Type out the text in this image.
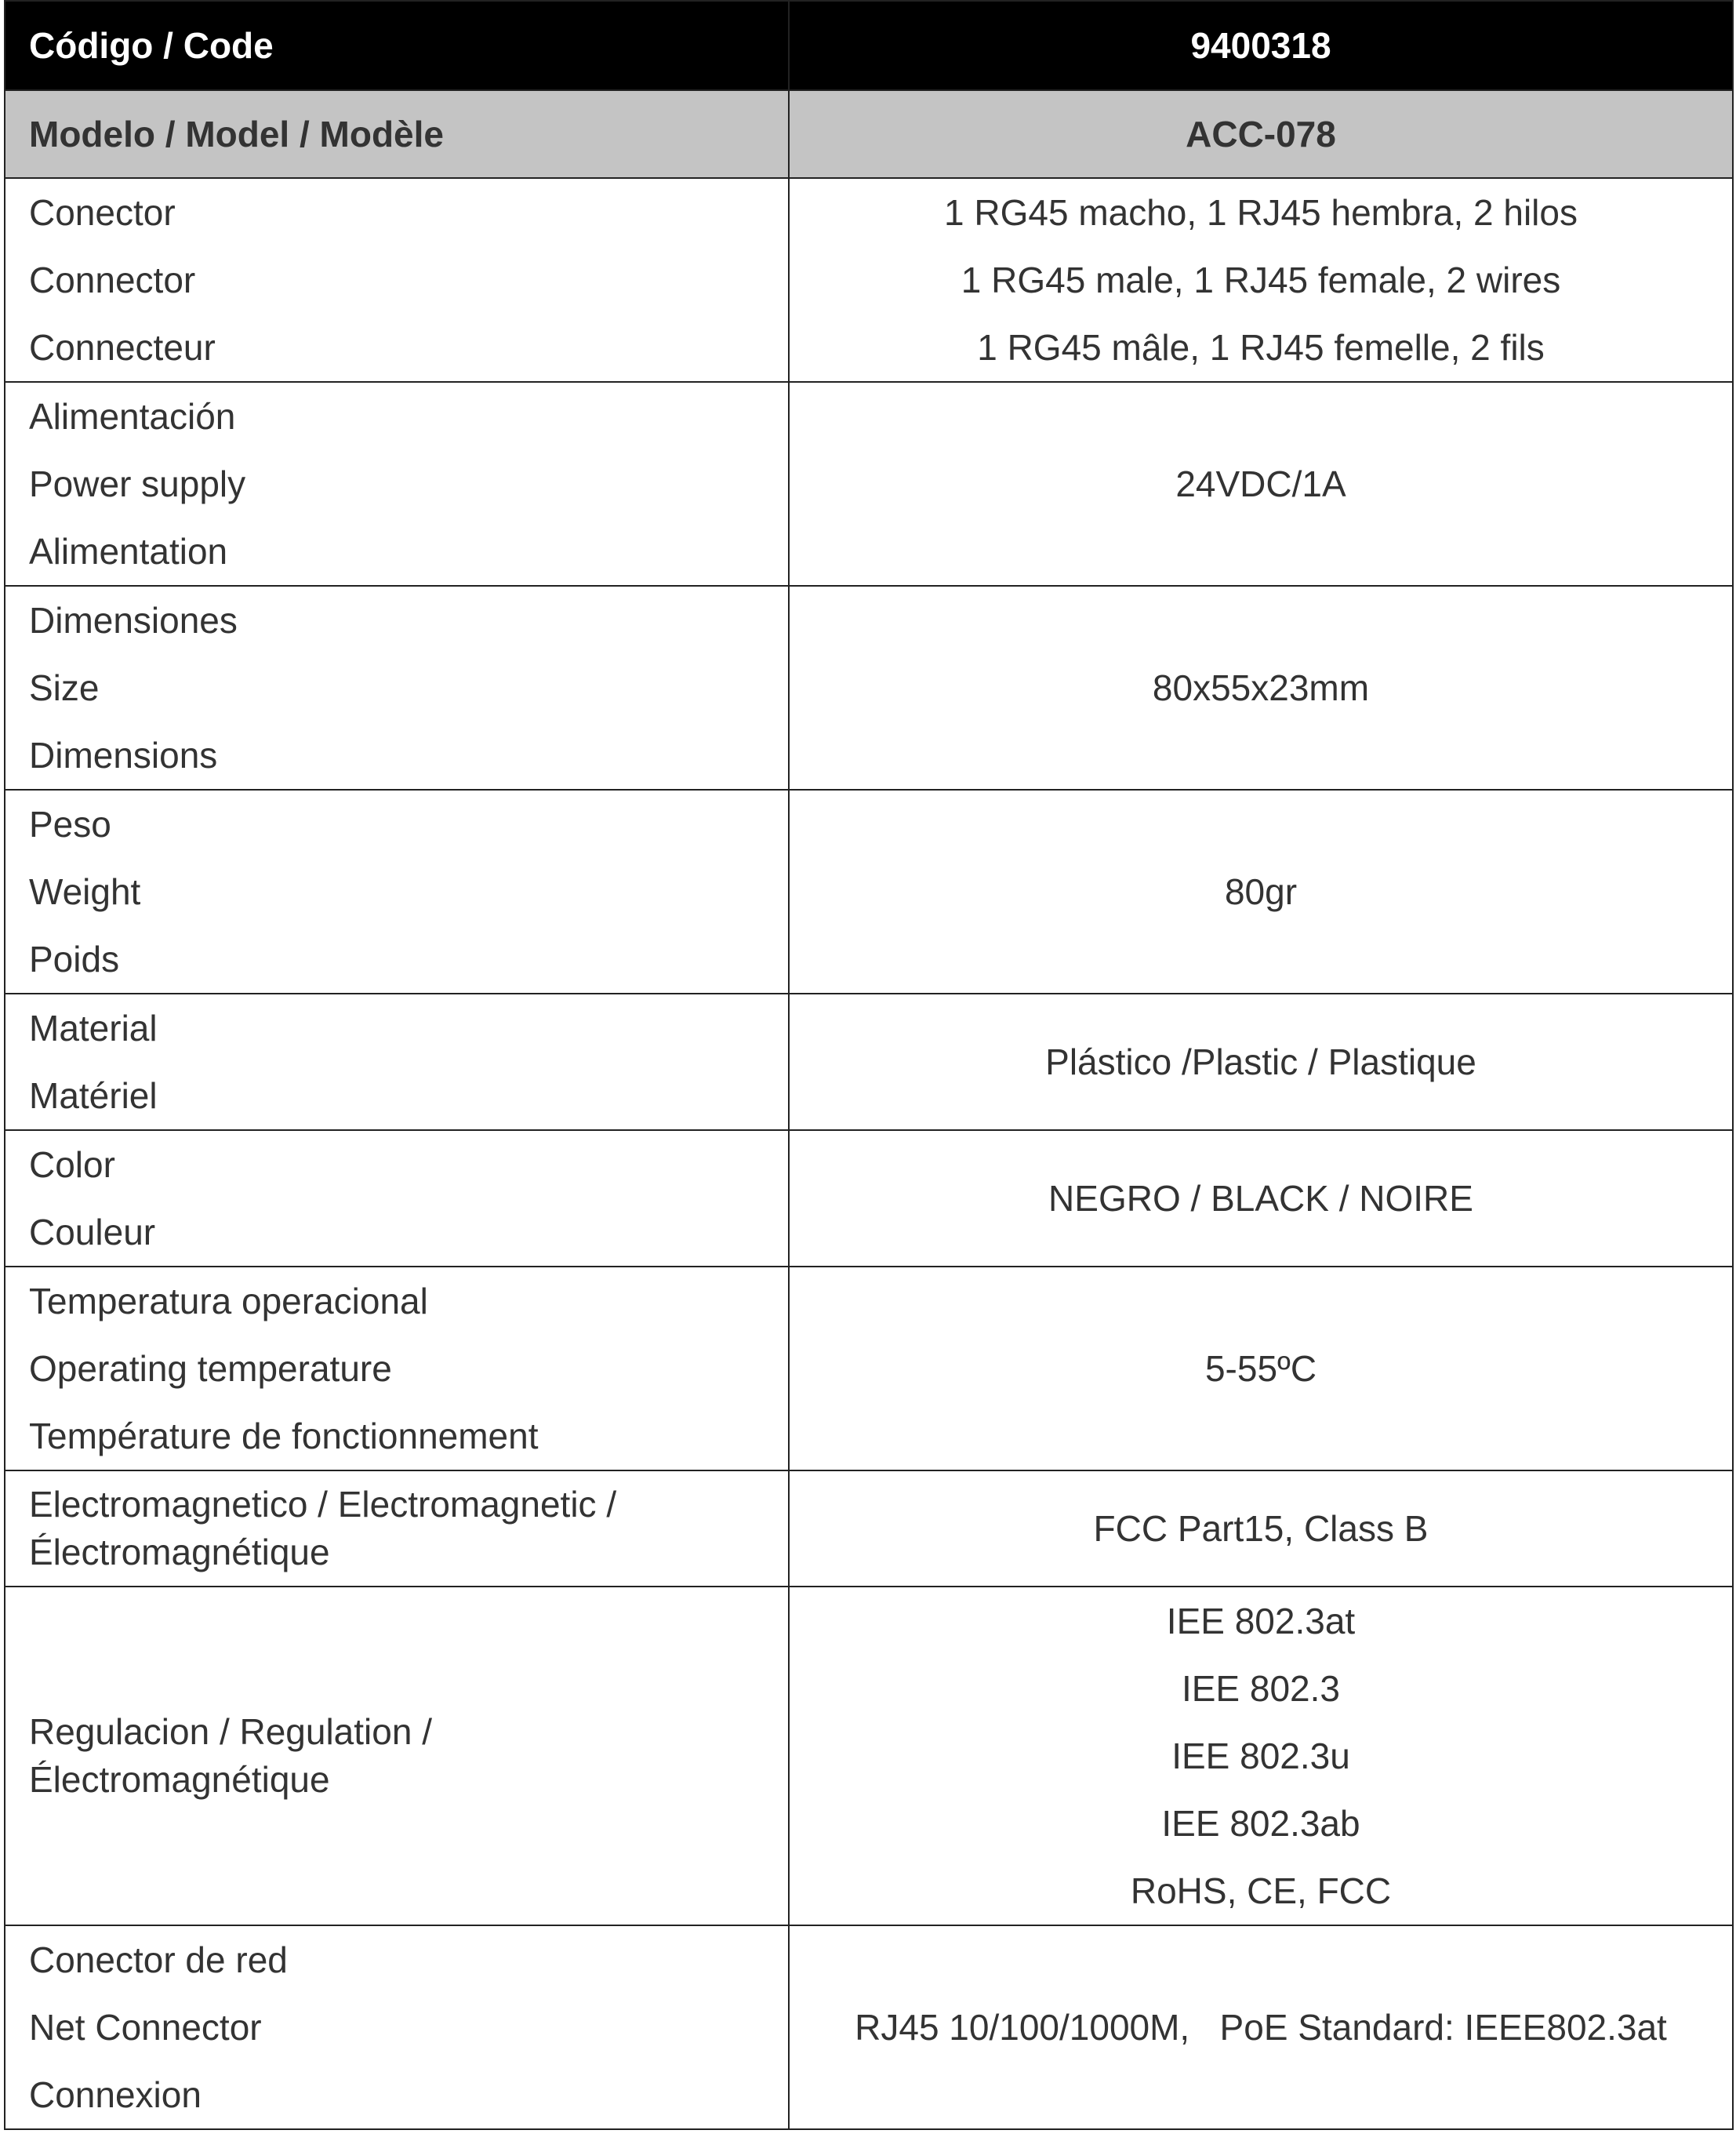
Código / Code	9400318
Modelo / Model / Modèle	ACC-078

Conector
Connector
Connecteur	1 RG45 macho, 1 RJ45 hembra, 2 hilos
1 RG45 male, 1 RJ45 female, 2 wires
1 RG45 mâle, 1 RJ45 femelle, 2 fils

Alimentación
Power supply
Alimentation	24VDC/1A

Dimensiones
Size
Dimensions	80x55x23mm

Peso
Weight
Poids	80gr

Material
Matériel	Plástico /Plastic / Plastique

Color
Couleur	NEGRO / BLACK / NOIRE

Temperatura operacional
Operating temperature
Température de fonctionnement	5-55ºC

Electromagnetico / Electromagnetic /
Électromagnétique	FCC Part15, Class B

Regulacion / Regulation /
Électromagnétique	IEE 802.3at
IEE 802.3
IEE 802.3u
IEE 802.3ab
RoHS, CE, FCC

Conector de red
Net Connector
Connexion	RJ45 10/100/1000M,   PoE Standard: IEEE802.3at
